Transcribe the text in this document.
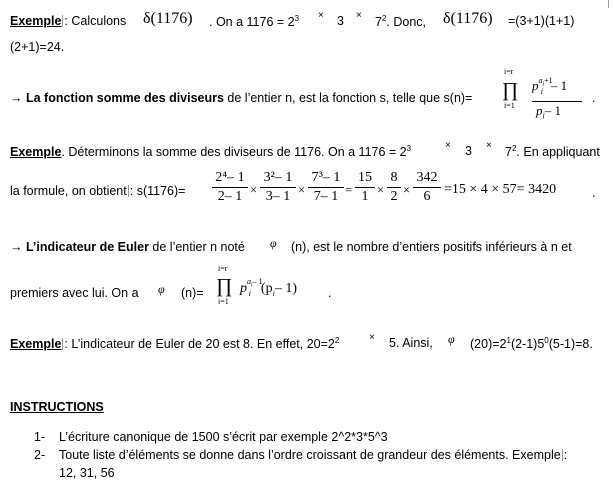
Exemple : Calculons δ(1176) . On a $1176 = 2^3 \times 3 \times 7^2$. Donc, δ(1176) =(3+1)(1+1)
(2+1)=24.
→ La fonction somme des diviseurs de l’entier n, est la fonction s, telle que s(n)=
i=r
∏
i=1
$p^{a_i+1}_i - 1$
$p_i-$ 1
.
Exemple. Déterminons la somme des diviseurs de 1176. On a $1176 = 2^3$	× $3 \times 7^2$. En appliquant
la formule, on obtient : s(1176)=
2⁴– 1
2– 1 ×
3²– 1
3– 1 ×
7³– 1
7– 1 =
15
1 ×
8
2 ×
342
6 =15 × 4 × 57= 3420	.
→ L’indicateur de Euler de l’entier n noté φ (n), est le nombre d’entiers positifs inférieurs à n et
premiers avec lui. On a φ (n)=
i=r
∏
i=1
$p^{a_i- 1}_i$ ($p_i-$ 1) .
Exemple : L’indicateur de Euler de 20 est 8. En effet, $20=2^2$	× 5. Ainsi, φ $(20)=2^1(2-1)5^0(5-1)=8$.
INSTRUCTIONS
1- L’écriture canonique de 1500 s’écrit par exemple 2^2*3*5^3
2- Toute liste d’éléments se donne dans l’ordre croissant de grandeur des éléments. Exemple :
12, 31, 56
